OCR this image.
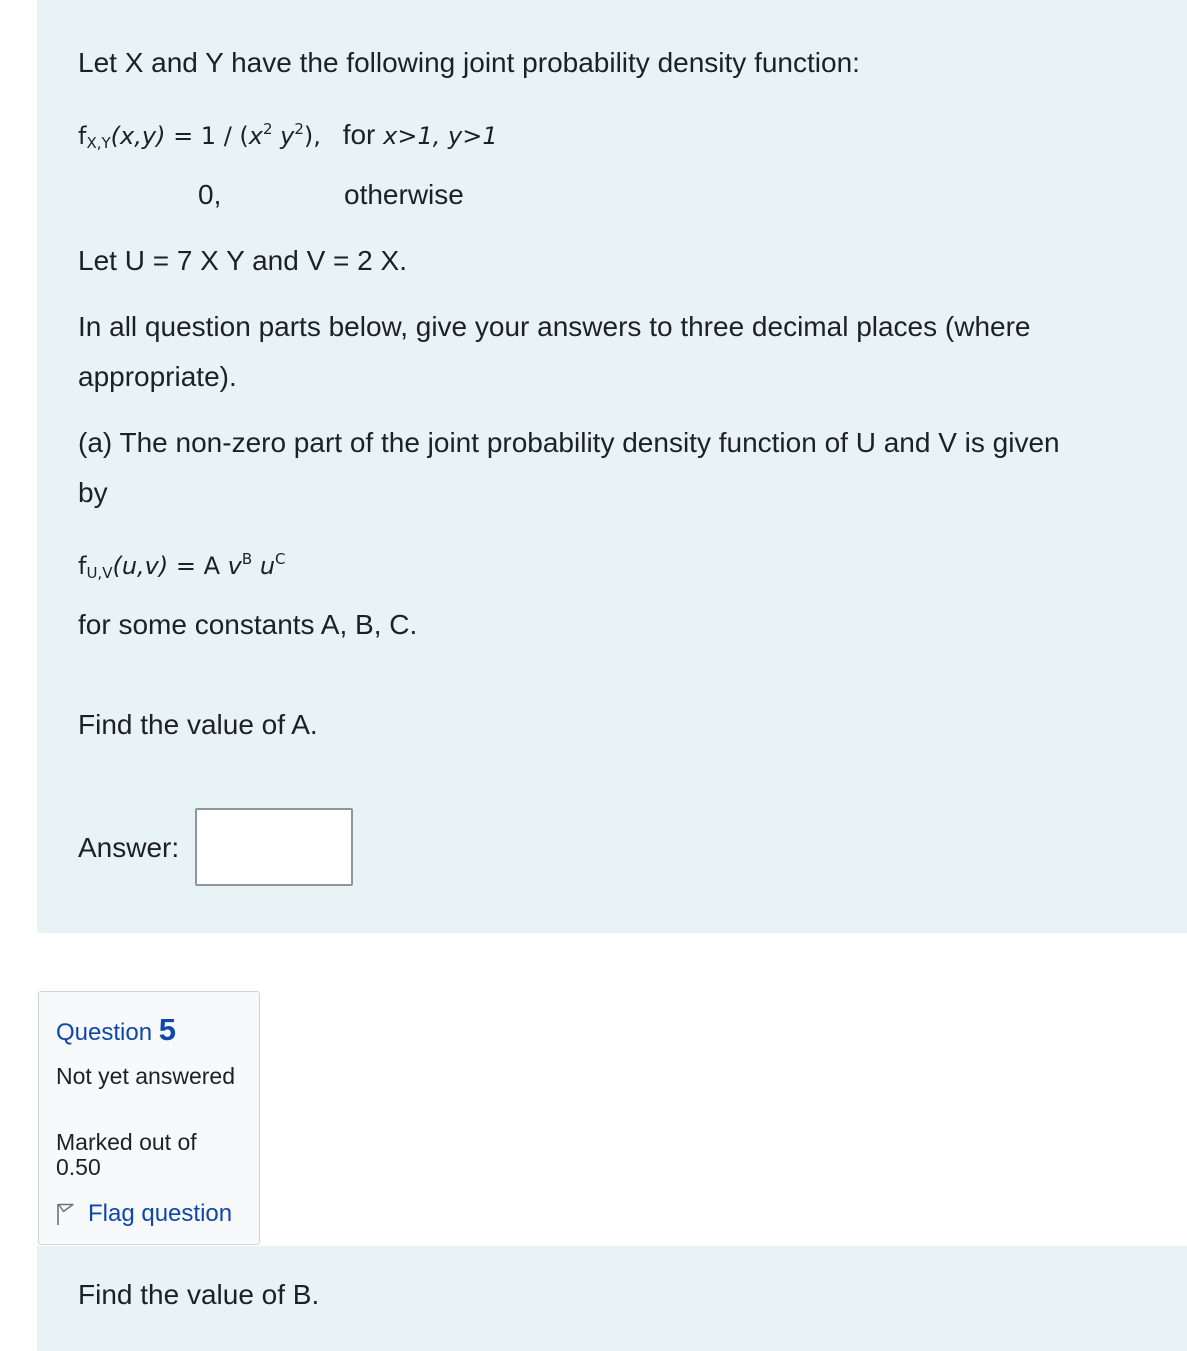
Let X and Y have the following joint probability density function:
$f_{X,Y}(x,y) = 1 / (x^2$ $y^2$), for x>1, y>1
0,	otherwise
Let U = 7 X Y and V = 2 X.
In all question parts below, give your answers to three decimal places (where
appropriate).
(a) The non-zero part of the joint probability density function of U and V is given
by
$f_{U,V}(u,v) = A$ $v^B$ $u^C$
for some constants A, B, C.
Find the value of A.
Answer:
Question 5
Not yet answered
Marked out of 0.50
Flag question
Find the value of B.
